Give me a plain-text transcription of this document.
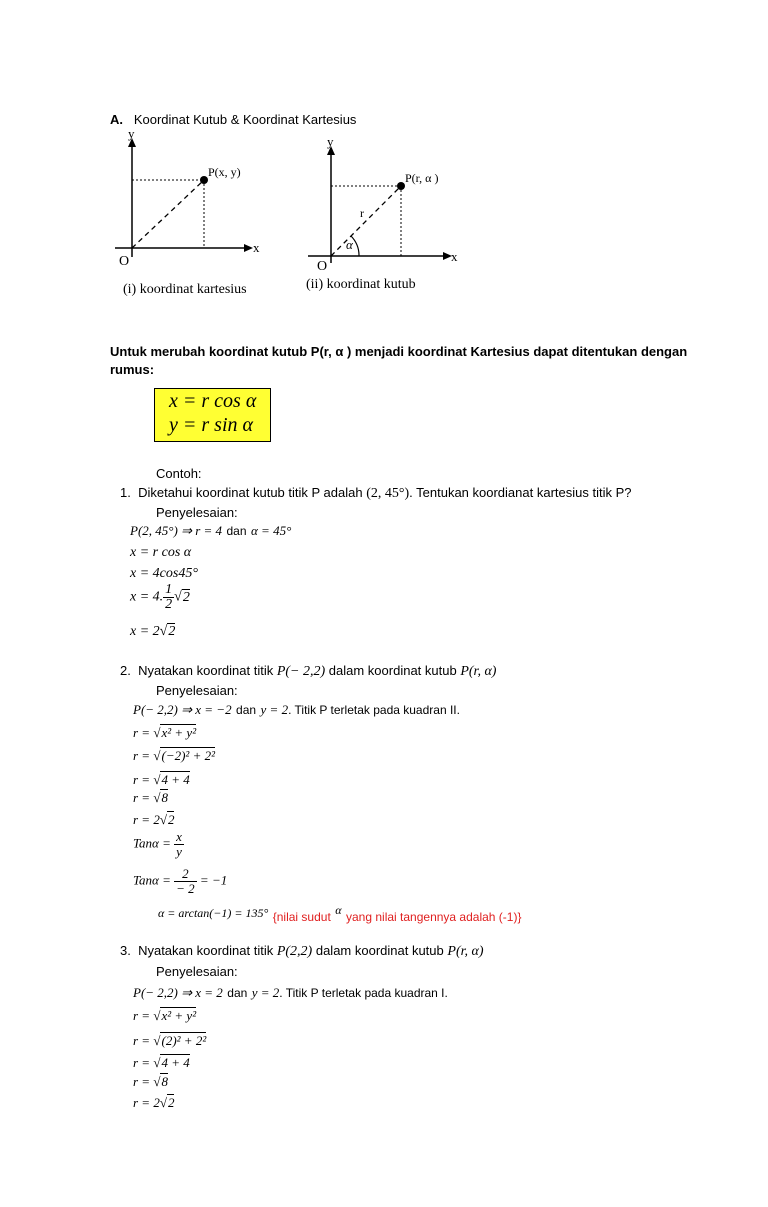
A. Koordinat Kutub & Koordinat Kartesius
y
x
O
P(x, y)
(i) koordinat kartesius
y
x
O
P(r, α )
r
α
(ii) koordinat kutub
Untuk merubah koordinat kutub P(r, α ) menjadi koordinat Kartesius dapat ditentukan dengan
rumus:
x = r cos α
y = r sin α
Contoh:
1. Diketahui koordinat kutub titik P adalah (2, 45°). Tentukan koordianat kartesius titik P?
Penyelesaian:
P(2, 45°) ⇒ r = 4 dan α = 45°
x = r cos α
x = 4cos45°
x = 4. $\frac{1}{2} √2$
x = 2√2
2. Nyatakan koordinat titik P(− 2,2) dalam koordinat kutub P(r, α)
Penyelesaian:
P(− 2,2) ⇒ x = −2 dan y = 2. Titik P terletak pada kuadran II.
r = √x² + y²
r = √(−2)² + 2²
r = √4 + 4
r = √8
r = 2√2
$Tan\alpha = \frac{x}{y}$
$Tan\alpha = \frac{2}{- 2} = -1$
α = arctan(−1) = 135° $_{\{nilai sudut}$ α $_{yang nilai tangennya adalah (-1)\}}$
3. Nyatakan koordinat titik P(2,2) dalam koordinat kutub P(r, α)
Penyelesaian:
P(− 2,2) ⇒ x = 2 dan y = 2. Titik P terletak pada kuadran I.
r = √x² + y²
r = √(2)² + 2²
r = √4 + 4
r = √8
r = 2√2
